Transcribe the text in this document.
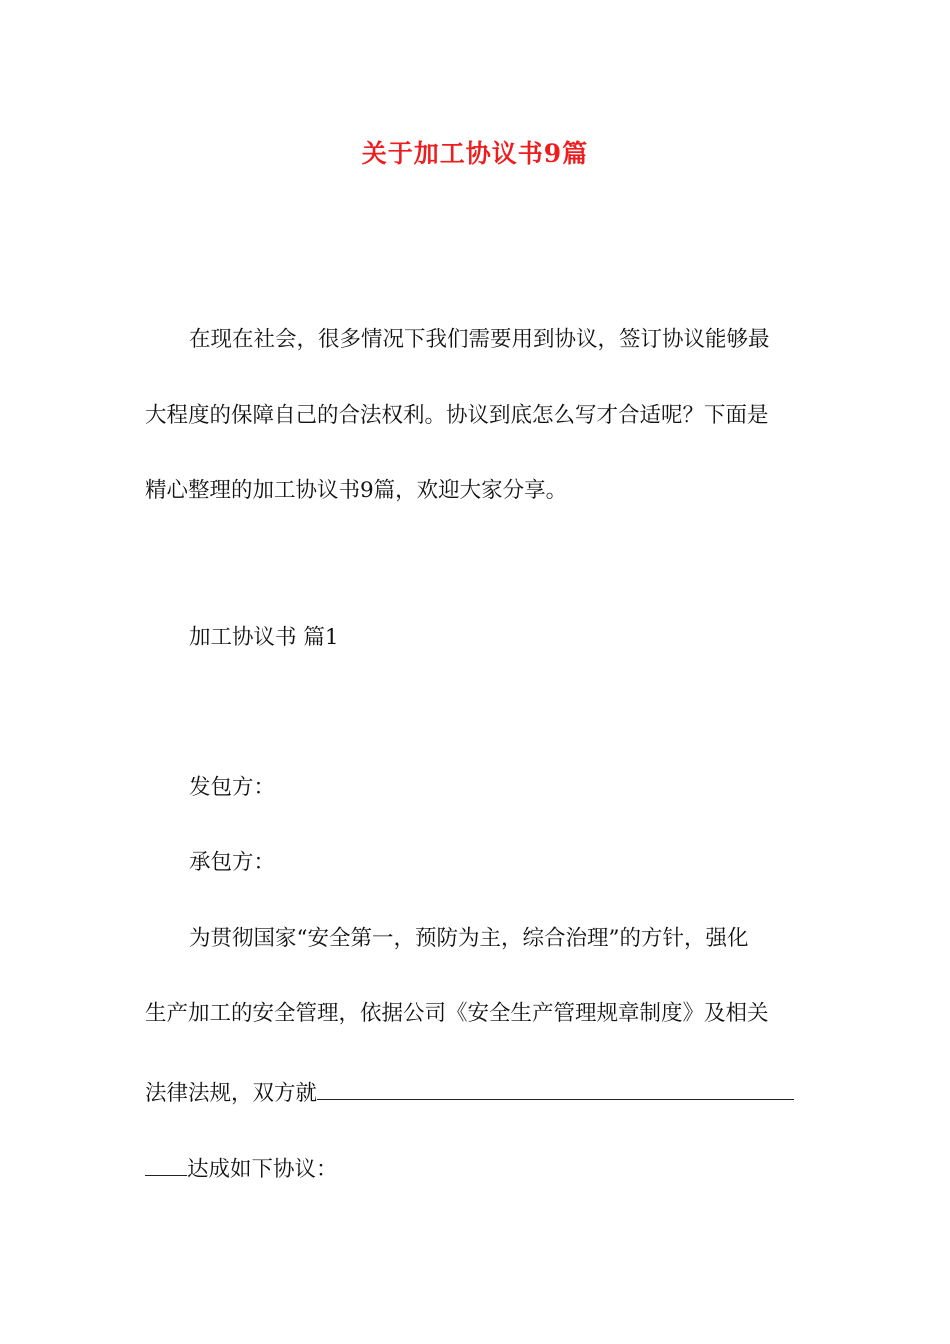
关于加工协议书9篇
在现在社会，很多情况下我们需要用到协议，签订协议能够最
大程度的保障自己的合法权利。协议到底怎么写才合适呢？下面是
精心整理的加工协议书9篇，欢迎大家分享。
加工协议书 篇1
发包方：
承包方：
为贯彻国家“安全第一，预防为主，综合治理”的方针，强化
生产加工的安全管理，依据公司《安全生产管理规章制度》及相关
法律法规，双方就
达成如下协议：
